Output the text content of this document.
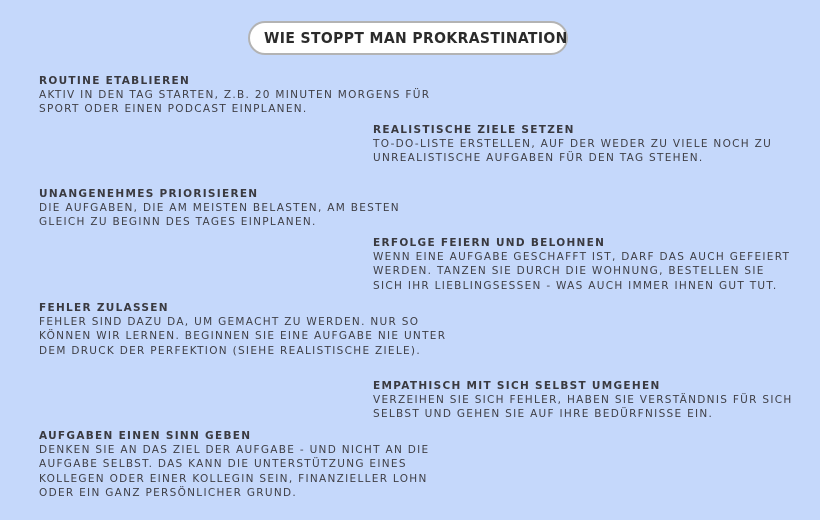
WIE STOPPT MAN PROKRASTINATION
ROUTINE ETABLIEREN
AKTIV IN DEN TAG STARTEN, Z.B. 20 MINUTEN MORGENS FÜR
SPORT ODER EINEN PODCAST EINPLANEN.
REALISTISCHE ZIELE SETZEN
TO-DO-LISTE ERSTELLEN, AUF DER WEDER ZU VIELE NOCH ZU
UNREALISTISCHE AUFGABEN FÜR DEN TAG STEHEN.
UNANGENEHMES PRIORISIEREN
DIE AUFGABEN, DIE AM MEISTEN BELASTEN, AM BESTEN
GLEICH ZU BEGINN DES TAGES EINPLANEN.
ERFOLGE FEIERN UND BELOHNEN
WENN EINE AUFGABE GESCHAFFT IST, DARF DAS AUCH GEFEIERT
WERDEN. TANZEN SIE DURCH DIE WOHNUNG, BESTELLEN SIE
SICH IHR LIEBLINGSESSEN - WAS AUCH IMMER IHNEN GUT TUT.
FEHLER ZULASSEN
FEHLER SIND DAZU DA, UM GEMACHT ZU WERDEN. NUR SO
KÖNNEN WIR LERNEN. BEGINNEN SIE EINE AUFGABE NIE UNTER
DEM DRUCK DER PERFEKTION (SIEHE REALISTISCHE ZIELE).
EMPATHISCH MIT SICH SELBST UMGEHEN
VERZEIHEN SIE SICH FEHLER, HABEN SIE VERSTÄNDNIS FÜR SICH
SELBST UND GEHEN SIE AUF IHRE BEDÜRFNISSE EIN.
AUFGABEN EINEN SINN GEBEN
DENKEN SIE AN DAS ZIEL DER AUFGABE - UND NICHT AN DIE
AUFGABE SELBST. DAS KANN DIE UNTERSTÜTZUNG EINES
KOLLEGEN ODER EINER KOLLEGIN SEIN, FINANZIELLER LOHN
ODER EIN GANZ PERSÖNLICHER GRUND.
